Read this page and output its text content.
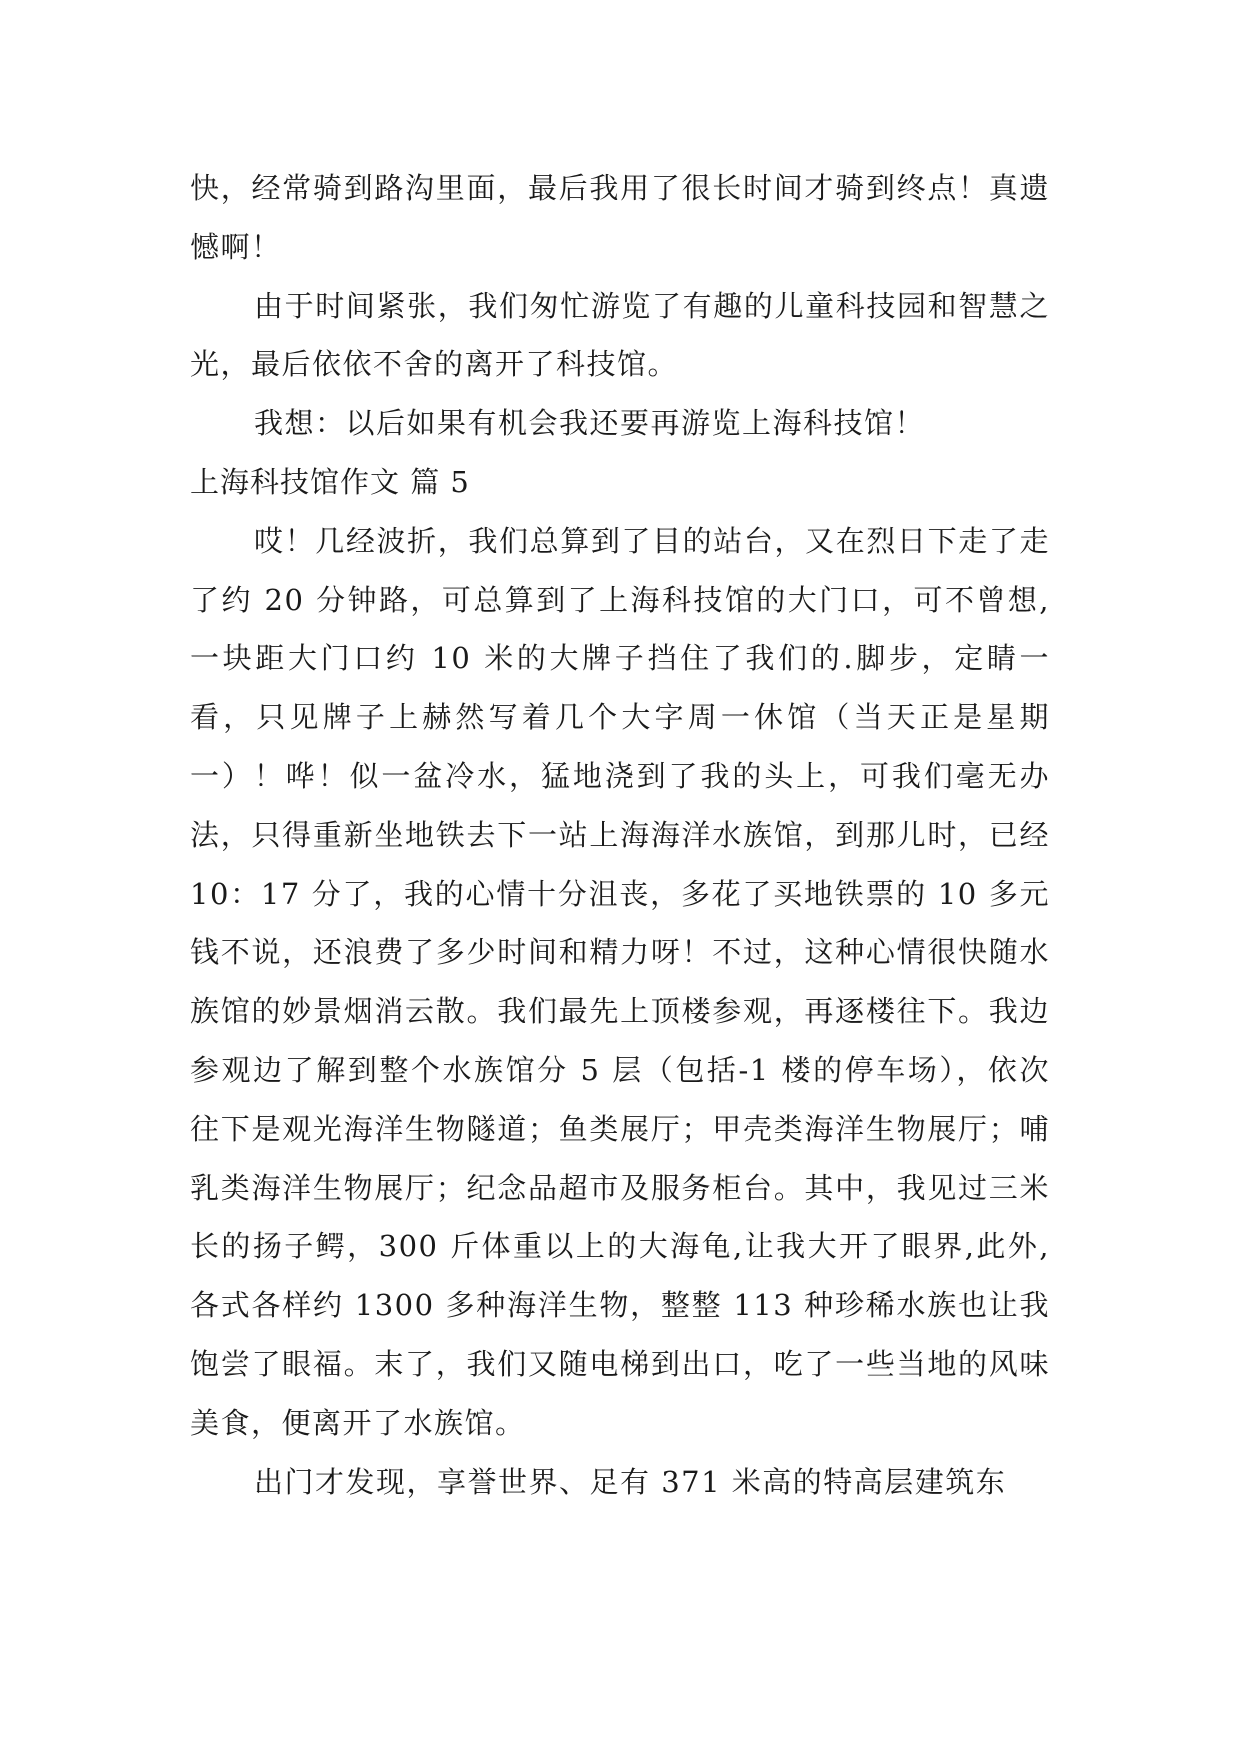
快，经常骑到路沟里面，最后我用了很长时间才骑到终点！真遗憾啊！

由于时间紧张，我们匆忙游览了有趣的儿童科技园和智慧之光，最后依依不舍的离开了科技馆。

我想：以后如果有机会我还要再游览上海科技馆！

上海科技馆作文 篇 5

哎！几经波折，我们总算到了目的站台，又在烈日下走了走了约 20 分钟路，可总算到了上海科技馆的大门口，可不曾想,一块距大门口约 10 米的大牌子挡住了我们的.脚步，定睛一看，只见牌子上赫然写着几个大字周一休馆（当天正是星期一）！哗！似一盆冷水，猛地浇到了我的头上，可我们毫无办法，只得重新坐地铁去下一站上海海洋水族馆，到那儿时，已经 10：17 分了，我的心情十分沮丧，多花了买地铁票的 10 多元钱不说，还浪费了多少时间和精力呀！不过，这种心情很快随水族馆的妙景烟消云散。我们最先上顶楼参观，再逐楼往下。我边参观边了解到整个水族馆分 5 层（包括-1 楼的停车场），依次往下是观光海洋生物隧道；鱼类展厅；甲壳类海洋生物展厅；哺乳类海洋生物展厅；纪念品超市及服务柜台。其中，我见过三米长的扬子鳄，300 斤体重以上的大海龟,让我大开了眼界,此外,各式各样约 1300 多种海洋生物，整整 113 种珍稀水族也让我饱尝了眼福。末了，我们又随电梯到出口，吃了一些当地的风味美食，便离开了水族馆。

出门才发现，享誉世界、足有 371 米高的特高层建筑东
